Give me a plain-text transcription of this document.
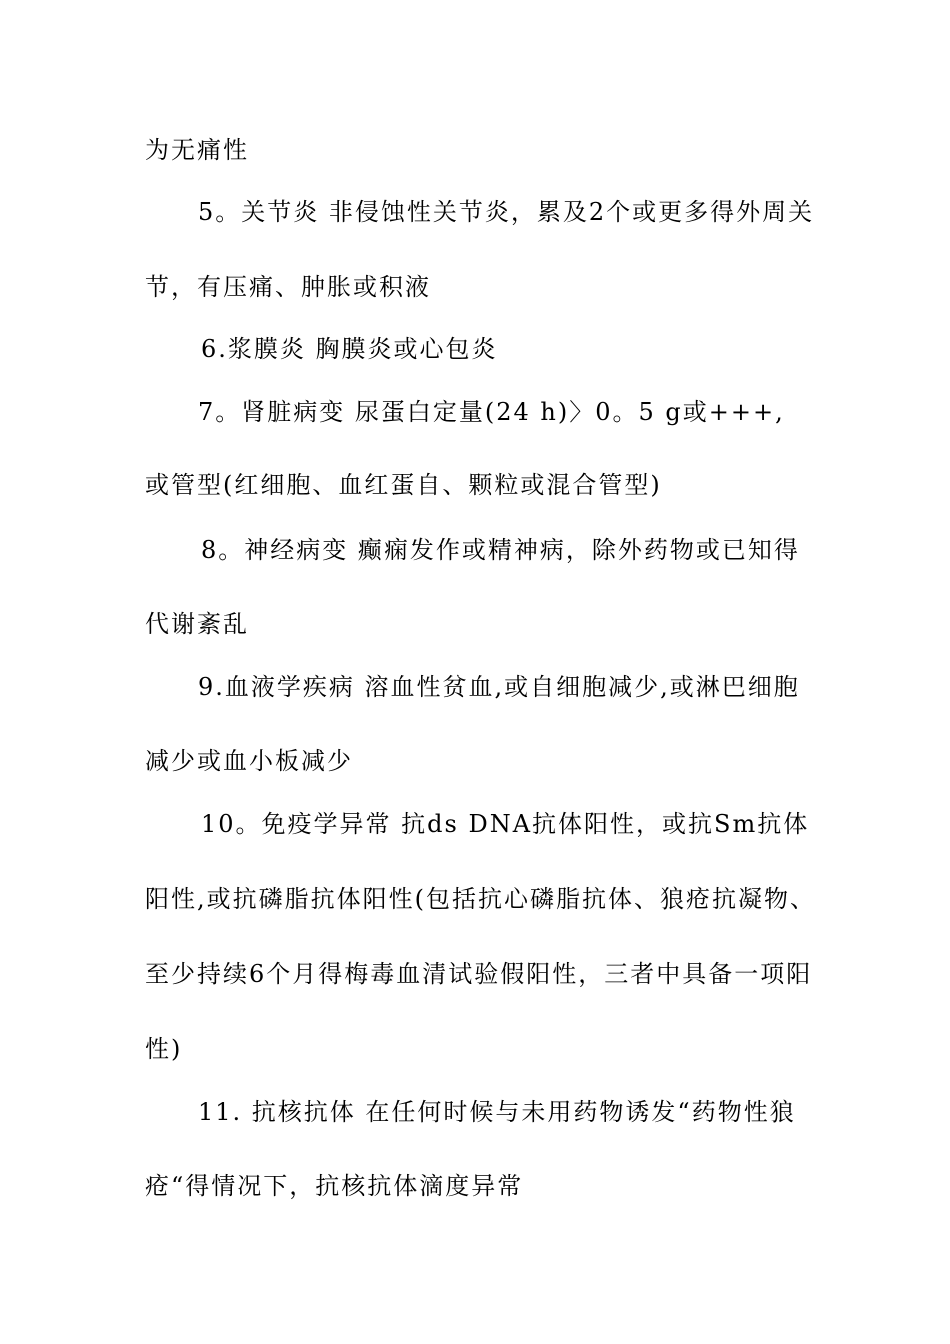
为无痛性
5。关节炎 非侵蚀性关节炎，累及2个或更多得外周关
节，有压痛、肿胀或积液
6.浆膜炎 胸膜炎或心包炎
7。肾脏病变 尿蛋白定量(24 h)〉0。5 g或+++,
或管型(红细胞、血红蛋自、颗粒或混合管型)
8。神经病变 癫痫发作或精神病，除外药物或已知得
代谢紊乱
9.血液学疾病 溶血性贫血,或自细胞减少,或淋巴细胞
减少或血小板减少
10。免疫学异常 抗ds DNA抗体阳性，或抗Sm抗体
阳性,或抗磷脂抗体阳性(包括抗心磷脂抗体、狼疮抗凝物、
至少持续6个月得梅毒血清试验假阳性，三者中具备一项阳
性)
11. 抗核抗体 在任何时候与未用药物诱发“药物性狼
疮“得情况下，抗核抗体滴度异常
